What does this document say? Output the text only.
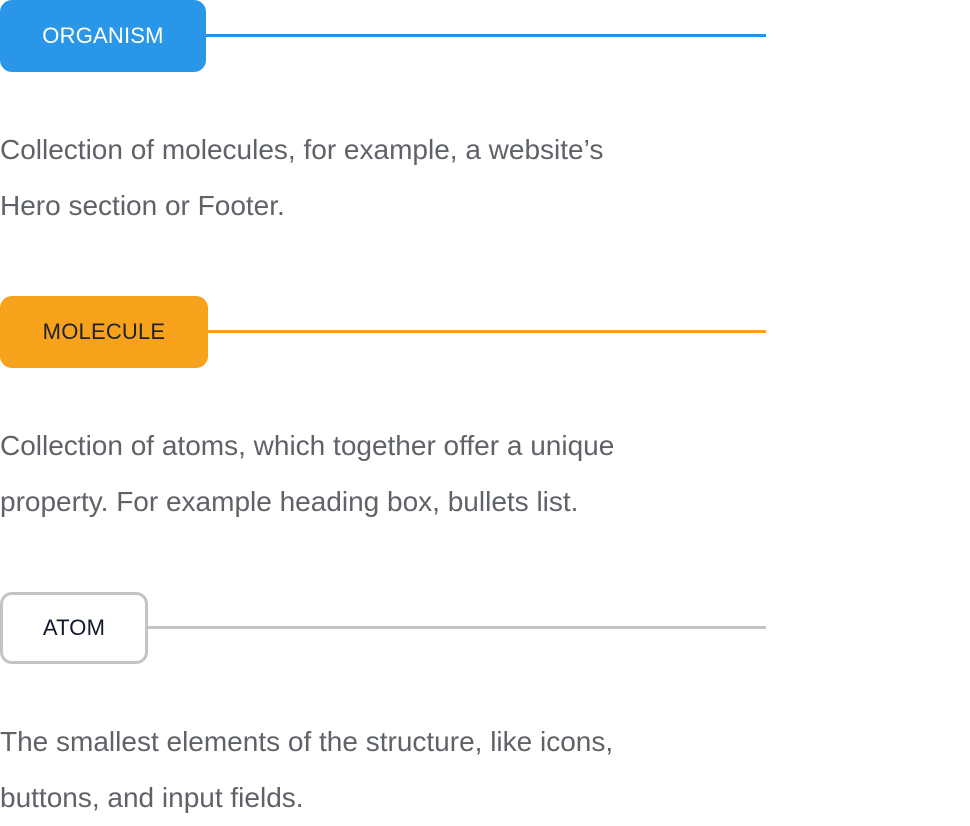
ORGANISM

Collection of molecules, for example, a website’s
Hero section or Footer.

MOLECULE

Collection of atoms, which together offer a unique
property. For example heading box, bullets list.

ATOM

The smallest elements of the structure, like icons,
buttons, and input fields.
